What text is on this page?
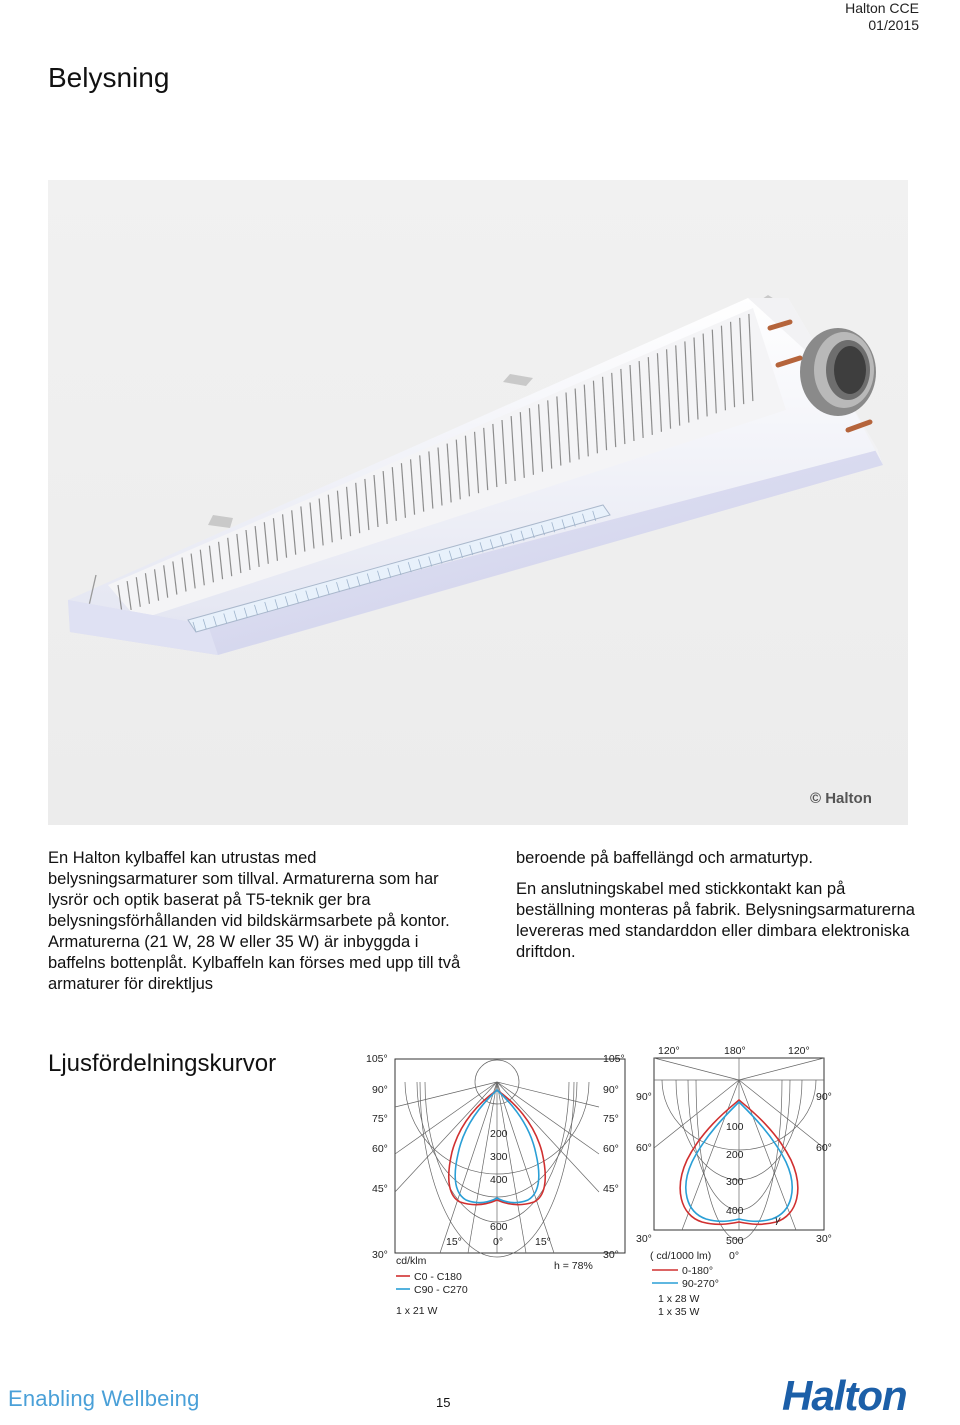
Halton CCE
01/2015
Belysning
© Halton

En Halton kylbaffel kan utrustas med belysningsarmaturer som tillval. Armaturerna som har lysrör och optik baserat på T5-teknik ger bra belysningsförhållanden vid bildskärmsarbete på kontor. Armaturerna (21 W, 28 W eller 35 W) är inbyggda i baffelns bottenplåt. Kylbaffeln kan förses med upp till två armaturer för direktljus

beroende på baffellängd och armaturtyp.

En anslutningskabel med stickkontakt kan på beställning monteras på fabrik. Belysningsarmaturerna levereras med standarddon eller dimbara elektroniska driftdon.

Ljusfördelningskurvor	105°
90°
75°
60°
45°
30°
105°
90°
75°
60°
45°
30°
15°	0°	15°
200
300
400
600
cd/klm
C0 - C180
C90 - C270
h = 78%
1 x 21 W
120°	180°	120°
90°
60°
30°
90°
60°
30°
0°
100
200
300
400
500
γ
( cd/1000 lm)
0-180°
90-270°
1 x 28 W
1 x 35 W
Enabling Wellbeing	15	Halton
